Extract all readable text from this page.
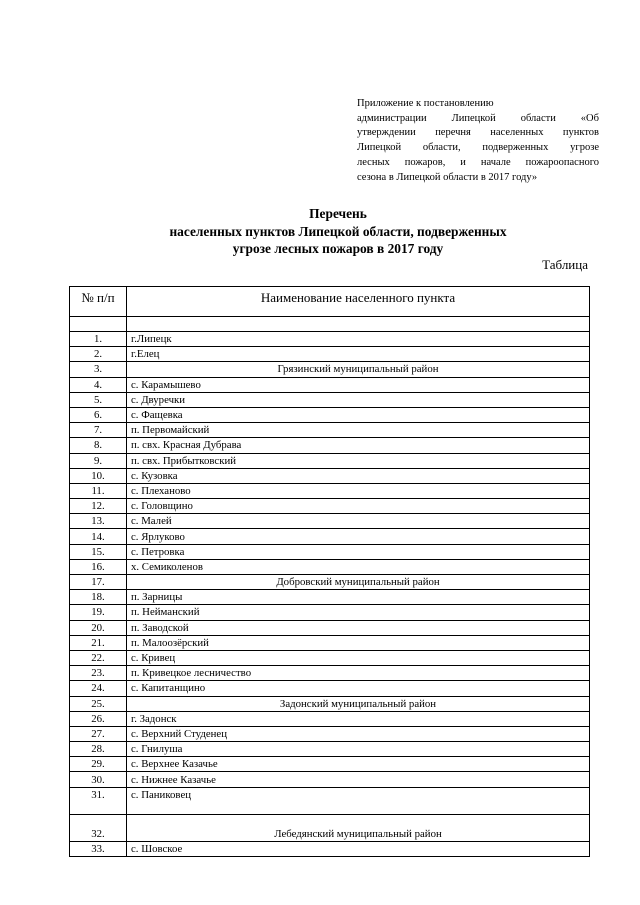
Приложение к постановлению
администрации Липецкой области «Об
утверждении перечня населенных пунктов
Липецкой области, подверженных угрозе
лесных пожаров, и начале пожароопасного
сезона в Липецкой области в 2017 году»
Перечень
населенных пунктов Липецкой области, подверженных
угрозе лесных пожаров в 2017 году
Таблица
№ п/п	Наименование населенного пункта

1.	г.Липецк
2.	г.Елец
3.	Грязинский муниципальный район
4.	с. Карамышево
5.	с. Двуречки
6.	с. Фащевка
7.	п. Первомайский
8.	п. свх. Красная Дубрава
9.	п. свх. Прибытковский
10.	с. Кузовка
11.	с. Плеханово
12.	с. Головщино
13.	с. Малей
14.	с. Ярлуково
15.	с. Петровка
16.	х. Семиколенов
17.	Добровский муниципальный район
18.	п. Зарницы
19.	п. Нейманский
20.	п. Заводской
21.	п. Малоозёрский
22.	с. Кривец
23.	п. Кривецкое лесничество
24.	с. Капитанщино
25.	Задонский муниципальный район
26.	г. Задонск
27.	с. Верхний Студенец
28.	с. Гнилуша
29.	с. Верхнее Казачье
30.	с. Нижнее Казачье
31.	с. Паниковец
32.	Лебедянский муниципальный район
33.	с. Шовское
